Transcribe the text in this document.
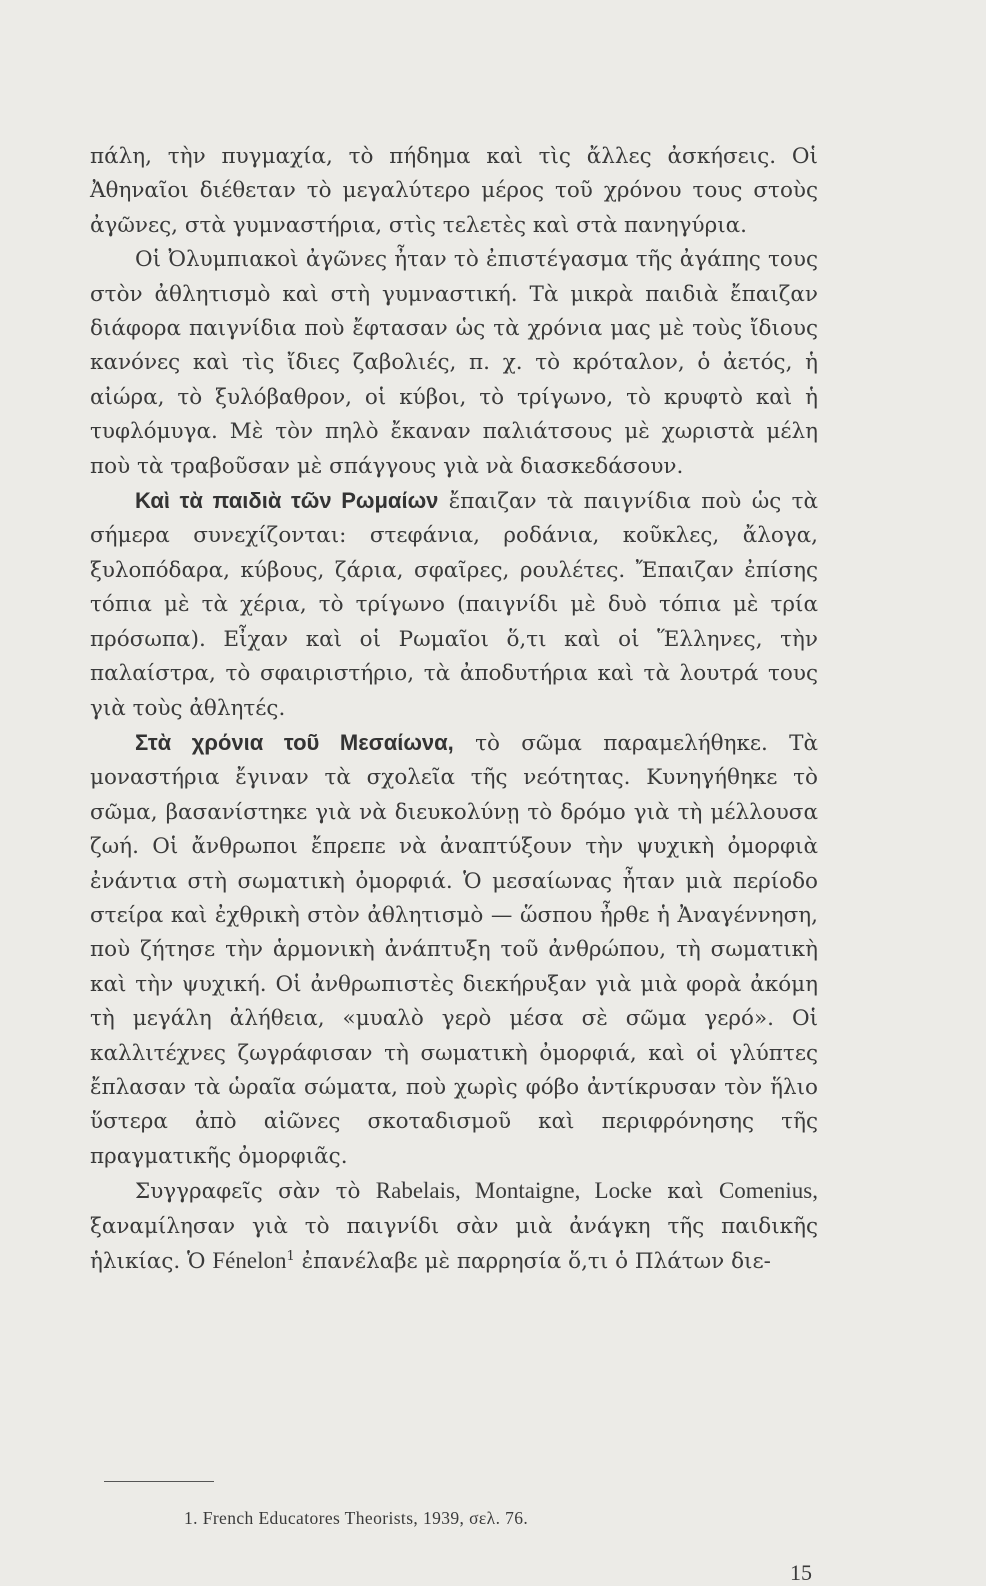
πάλη, τὴν πυγμαχία, τὸ πήδημα καὶ τὶς ἄλλες ἀσκήσεις. Οἱ Ἀθηναῖοι διέθεταν τὸ μεγαλύτερο μέρος τοῦ χρόνου τους στοὺς ἀγῶνες, στὰ γυμναστήρια, στὶς τελετὲς καὶ στὰ πανηγύρια.

Οἱ Ὀλυμπιακοὶ ἀγῶνες ἦταν τὸ ἐπιστέγασμα τῆς ἀγάπης τους στὸν ἀθλητισμὸ καὶ στὴ γυμναστική. Τὰ μικρὰ παιδιὰ ἔπαιζαν διάφορα παιγνίδια ποὺ ἔφτασαν ὡς τὰ χρόνια μας μὲ τοὺς ἴδιους κανόνες καὶ τὶς ἴδιες ζαβολιές, π. χ. τὸ κρόταλον, ὁ ἀετός, ἡ αἰώρα, τὸ ξυλόβαθρον, οἱ κύβοι, τὸ τρίγωνο, τὸ κρυφτὸ καὶ ἡ τυφλόμυγα. Μὲ τὸν πηλὸ ἔκαναν παλιάτσους μὲ χωριστὰ μέλη ποὺ τὰ τραβοῦσαν μὲ σπάγγους γιὰ νὰ διασκεδάσουν.

Καὶ τὰ παιδιὰ τῶν Ρωμαίων ἔπαιζαν τὰ παιγνίδια ποὺ ὡς τὰ σήμερα συνεχίζονται: στεφάνια, ροδάνια, κοῦκλες, ἄλογα, ξυλοπόδαρα, κύβους, ζάρια, σφαῖρες, ρουλέτες. Ἔπαιζαν ἐπίσης τόπια μὲ τὰ χέρια, τὸ τρίγωνο (παιγνίδι μὲ δυὸ τόπια μὲ τρία πρόσωπα). Εἶχαν καὶ οἱ Ρωμαῖοι ὅ,τι καὶ οἱ Ἕλληνες, τὴν παλαίστρα, τὸ σφαιριστήριο, τὰ ἀποδυτήρια καὶ τὰ λουτρά τους γιὰ τοὺς ἀθλητές.

Στὰ χρόνια τοῦ Μεσαίωνα, τὸ σῶμα παραμελήθηκε. Τὰ μοναστήρια ἔγιναν τὰ σχολεῖα τῆς νεότητας. Κυνηγήθηκε τὸ σῶμα, βασανίστηκε γιὰ νὰ διευκολύνῃ τὸ δρόμο γιὰ τὴ μέλλουσα ζωή. Οἱ ἄνθρωποι ἔπρεπε νὰ ἀναπτύξουν τὴν ψυχικὴ ὀμορφιὰ ἐνάντια στὴ σωματικὴ ὀμορφιά. Ὁ μεσαίωνας ἦταν μιὰ περίοδο στείρα καὶ ἐχθρικὴ στὸν ἀθλητισμὸ — ὥσπου ἦρθε ἡ Ἀναγέννηση, ποὺ ζήτησε τὴν ἁρμονικὴ ἀνάπτυξη τοῦ ἀνθρώπου, τὴ σωματικὴ καὶ τὴν ψυχική. Οἱ ἀνθρωπιστὲς διεκήρυξαν γιὰ μιὰ φορὰ ἀκόμη τὴ μεγάλη ἀλήθεια, «μυαλὸ γερὸ μέσα σὲ σῶμα γερό». Οἱ καλλιτέχνες ζωγράφισαν τὴ σωματικὴ ὀμορφιά, καὶ οἱ γλύπτες ἔπλασαν τὰ ὡραῖα σώματα, ποὺ χωρὶς φόβο ἀντίκρυσαν τὸν ἥλιο ὕστερα ἀπὸ αἰῶνες σκοταδισμοῦ καὶ περιφρόνησης τῆς πραγματικῆς ὀμορφιᾶς.

Συγγραφεῖς σὰν τὸ Rabelais, Montaigne, Locke καὶ Comenius, ξαναμίλησαν γιὰ τὸ παιγνίδι σὰν μιὰ ἀνάγκη τῆς παιδικῆς ἡλικίας. Ὁ Fénelon$^1$ ἐπανέλαβε μὲ παρρησία ὅ,τι ὁ Πλάτων διε-

1. French Educatores Theorists, 1939, σελ. 76.
15
